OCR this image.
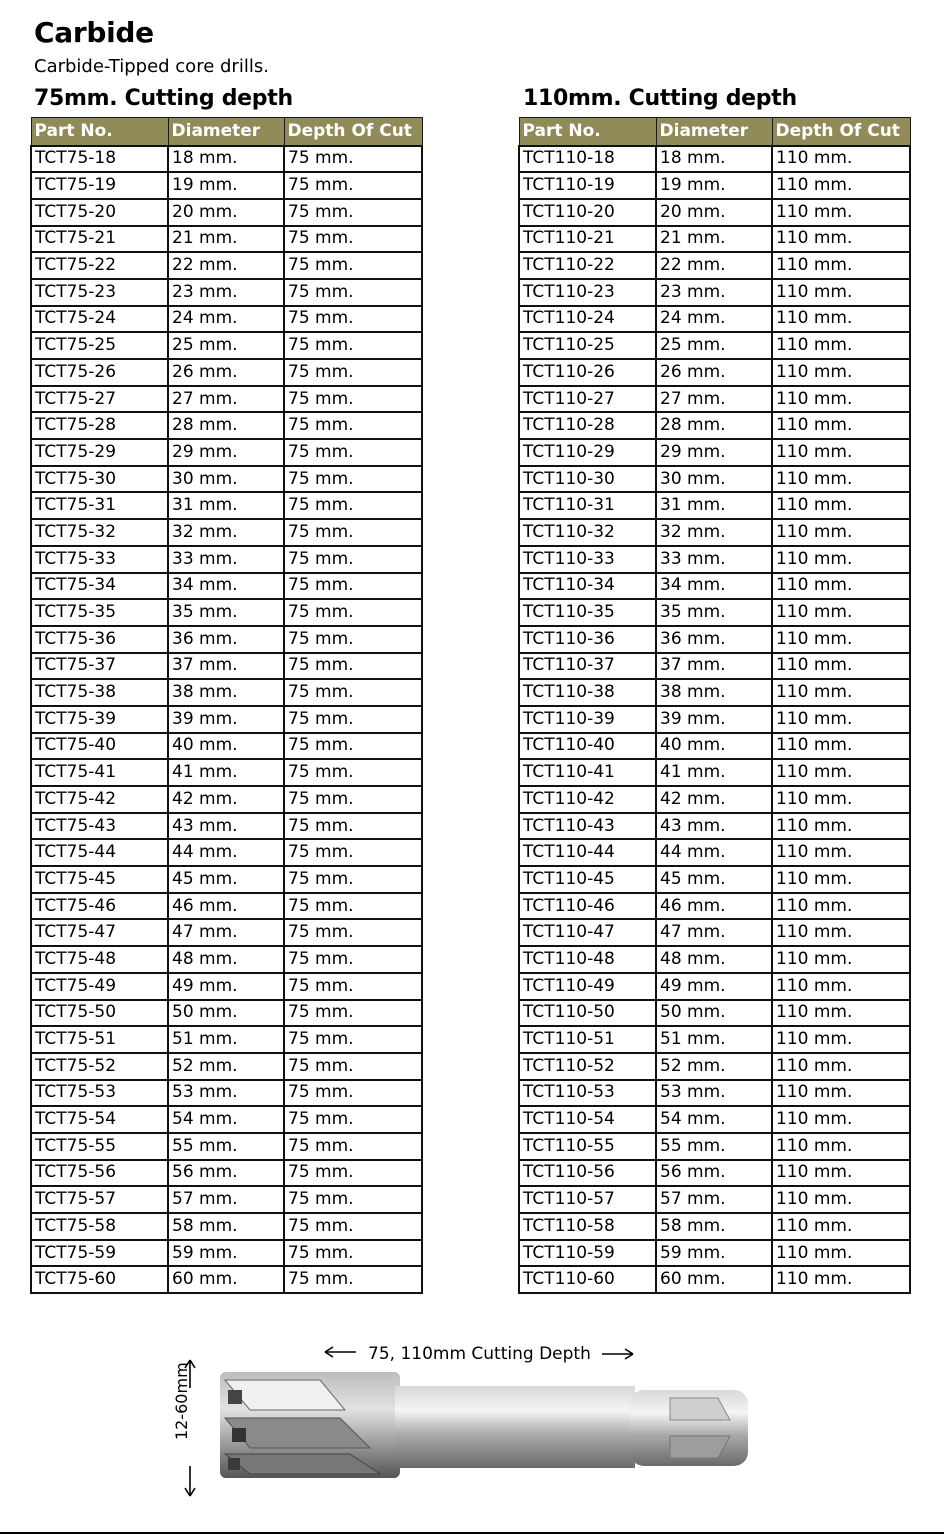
Carbide
Carbide-Tipped core drills.
75mm. Cutting depth	110mm. Cutting depth
Part No.	Diameter	Depth Of Cut
TCT75-18	18 mm.	75 mm.
TCT75-19	19 mm.	75 mm.
TCT75-20	20 mm.	75 mm.
TCT75-21	21 mm.	75 mm.
TCT75-22	22 mm.	75 mm.
TCT75-23	23 mm.	75 mm.
TCT75-24	24 mm.	75 mm.
TCT75-25	25 mm.	75 mm.
TCT75-26	26 mm.	75 mm.
TCT75-27	27 mm.	75 mm.
TCT75-28	28 mm.	75 mm.
TCT75-29	29 mm.	75 mm.
TCT75-30	30 mm.	75 mm.
TCT75-31	31 mm.	75 mm.
TCT75-32	32 mm.	75 mm.
TCT75-33	33 mm.	75 mm.
TCT75-34	34 mm.	75 mm.
TCT75-35	35 mm.	75 mm.
TCT75-36	36 mm.	75 mm.
TCT75-37	37 mm.	75 mm.
TCT75-38	38 mm.	75 mm.
TCT75-39	39 mm.	75 mm.
TCT75-40	40 mm.	75 mm.
TCT75-41	41 mm.	75 mm.
TCT75-42	42 mm.	75 mm.
TCT75-43	43 mm.	75 mm.
TCT75-44	44 mm.	75 mm.
TCT75-45	45 mm.	75 mm.
TCT75-46	46 mm.	75 mm.
TCT75-47	47 mm.	75 mm.
TCT75-48	48 mm.	75 mm.
TCT75-49	49 mm.	75 mm.
TCT75-50	50 mm.	75 mm.
TCT75-51	51 mm.	75 mm.
TCT75-52	52 mm.	75 mm.
TCT75-53	53 mm.	75 mm.
TCT75-54	54 mm.	75 mm.
TCT75-55	55 mm.	75 mm.
TCT75-56	56 mm.	75 mm.
TCT75-57	57 mm.	75 mm.
TCT75-58	58 mm.	75 mm.
TCT75-59	59 mm.	75 mm.
TCT75-60	60 mm.	75 mm.
Part No.	Diameter	Depth Of Cut
TCT110-18	18 mm.	110 mm.
TCT110-19	19 mm.	110 mm.
TCT110-20	20 mm.	110 mm.
TCT110-21	21 mm.	110 mm.
TCT110-22	22 mm.	110 mm.
TCT110-23	23 mm.	110 mm.
TCT110-24	24 mm.	110 mm.
TCT110-25	25 mm.	110 mm.
TCT110-26	26 mm.	110 mm.
TCT110-27	27 mm.	110 mm.
TCT110-28	28 mm.	110 mm.
TCT110-29	29 mm.	110 mm.
TCT110-30	30 mm.	110 mm.
TCT110-31	31 mm.	110 mm.
TCT110-32	32 mm.	110 mm.
TCT110-33	33 mm.	110 mm.
TCT110-34	34 mm.	110 mm.
TCT110-35	35 mm.	110 mm.
TCT110-36	36 mm.	110 mm.
TCT110-37	37 mm.	110 mm.
TCT110-38	38 mm.	110 mm.
TCT110-39	39 mm.	110 mm.
TCT110-40	40 mm.	110 mm.
TCT110-41	41 mm.	110 mm.
TCT110-42	42 mm.	110 mm.
TCT110-43	43 mm.	110 mm.
TCT110-44	44 mm.	110 mm.
TCT110-45	45 mm.	110 mm.
TCT110-46	46 mm.	110 mm.
TCT110-47	47 mm.	110 mm.
TCT110-48	48 mm.	110 mm.
TCT110-49	49 mm.	110 mm.
TCT110-50	50 mm.	110 mm.
TCT110-51	51 mm.	110 mm.
TCT110-52	52 mm.	110 mm.
TCT110-53	53 mm.	110 mm.
TCT110-54	54 mm.	110 mm.
TCT110-55	55 mm.	110 mm.
TCT110-56	56 mm.	110 mm.
TCT110-57	57 mm.	110 mm.
TCT110-58	58 mm.	110 mm.
TCT110-59	59 mm.	110 mm.
TCT110-60	60 mm.	110 mm.
75, 110mm Cutting Depth
12-60mm
